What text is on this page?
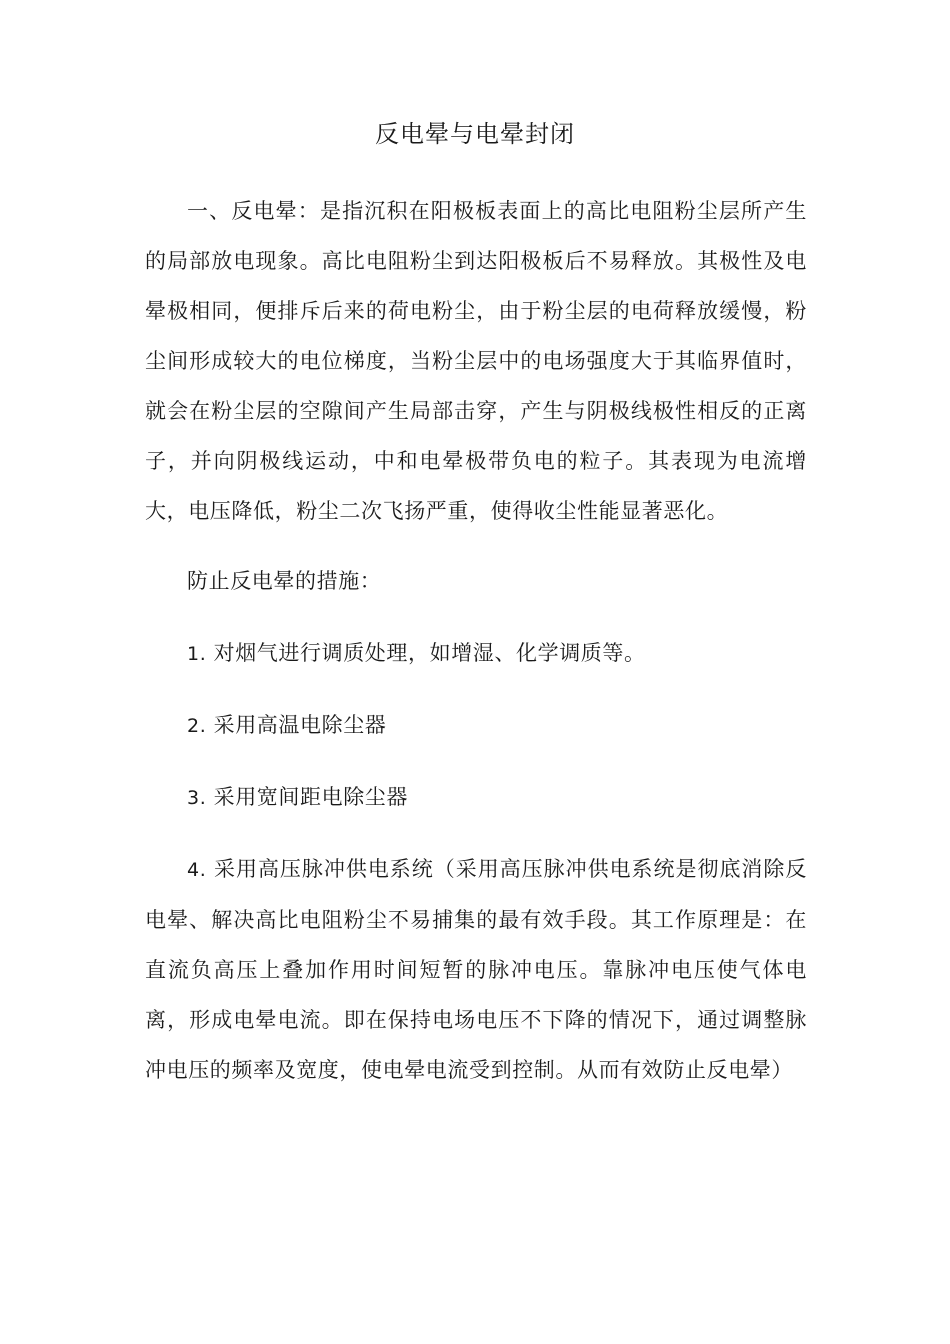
反电晕与电晕封闭

一、反电晕：是指沉积在阳极板表面上的高比电阻粉尘层所产生的局部放电现象。高比电阻粉尘到达阳极板后不易释放。其极性及电晕极相同，便排斥后来的荷电粉尘，由于粉尘层的电荷释放缓慢，粉尘间形成较大的电位梯度，当粉尘层中的电场强度大于其临界值时，就会在粉尘层的空隙间产生局部击穿，产生与阴极线极性相反的正离子，并向阴极线运动，中和电晕极带负电的粒子。其表现为电流增大，电压降低，粉尘二次飞扬严重，使得收尘性能显著恶化。

防止反电晕的措施：

1. 对烟气进行调质处理，如增湿、化学调质等。

2. 采用高温电除尘器

3. 采用宽间距电除尘器

4. 采用高压脉冲供电系统（采用高压脉冲供电系统是彻底消除反电晕、解决高比电阻粉尘不易捕集的最有效手段。其工作原理是：在直流负高压上叠加作用时间短暂的脉冲电压。靠脉冲电压使气体电离，形成电晕电流。即在保持电场电压不下降的情况下，通过调整脉冲电压的频率及宽度，使电晕电流受到控制。从而有效防止反电晕）
